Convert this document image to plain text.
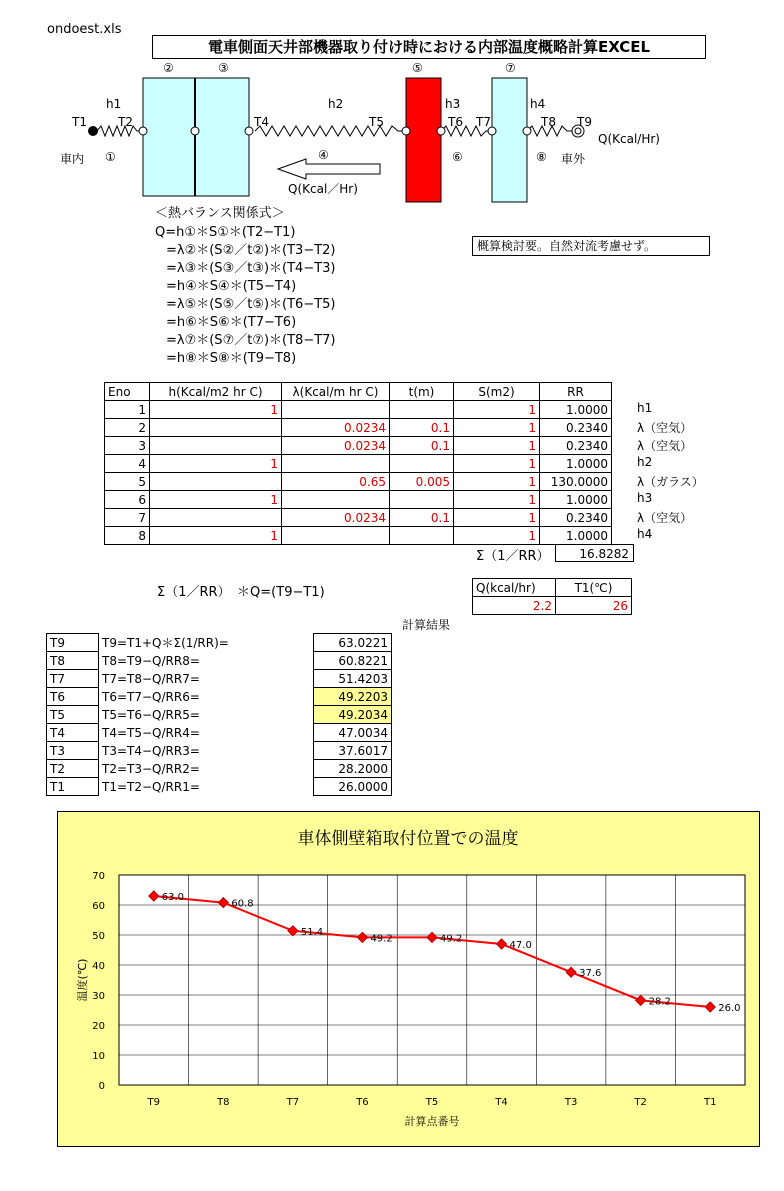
ondoest.xls
電車側面天井部機器取り付け時における内部温度概略計算EXCEL
②	③	⑤	⑦
④	⑥	⑧
①
h1	h2	h3	h4
T1	T2	T4	T5	T6 T7	T8 T9
車内	車外
Q(Kcal/Hr)
Q(Kcal／Hr)
＜熱バランス関係式＞
Q=h①＊S①＊(T2−T1)
=λ②＊(S②／t②)＊(T3−T2)
=λ③＊(S③／t③)＊(T4−T3)
=h④＊S④＊(T5−T4)
=λ⑤＊(S⑤／t⑤)＊(T6−T5)
=h⑥＊S⑥＊(T7−T6)
=λ⑦＊(S⑦／t⑦)＊(T8−T7)
=h⑧＊S⑧＊(T9−T8)
概算検討要。自然対流考慮せず。
Eno	h(Kcal/m2 hr C)	λ(Kcal/m hr C)	t(m)	S(m2)	RR
1	1			1	1.0000
2		0.0234	0.1	1	0.2340
3		0.0234	0.1	1	0.2340
4	1			1	1.0000
5		0.65	0.005	1	130.0000
6	1			1	1.0000
7		0.0234	0.1	1	0.2340
8	1			1	1.0000
h1
λ（空気）
λ（空気）
h2
λ（ガラス）
h3
λ（空気）
h4
Σ（1／RR）	16.8282
Σ（1／RR）　＊Q=(T9−T1)	Q(kcal/hr)	T1(℃)
2.2	26
計算結果
T9	T9=T1+Q＊Σ(1/RR)=	63.0221	
T8	T8=T9−Q/RR8=	60.8221	
T7	T7=T8−Q/RR7=	51.4203	
T6	T6=T7−Q/RR6=	49.2203	
T5	T5=T6−Q/RR5=	49.2034	
T4	T4=T5−Q/RR4=	47.0034	
T3	T3=T4−Q/RR3=	37.6017	
T2	T2=T3−Q/RR2=	28.2000	
T1	T1=T2−Q/RR1=	26.0000	
0
10
20
30
40
50
60
70
T9	T8	T7	T6	T5	T4	T3	T2	T1
63.0
60.8
51.4
49.2	49.2
47.0
37.6
28.2
26.0
車体側壁箱取付位置での温度
計算点番号
温度(℃)
